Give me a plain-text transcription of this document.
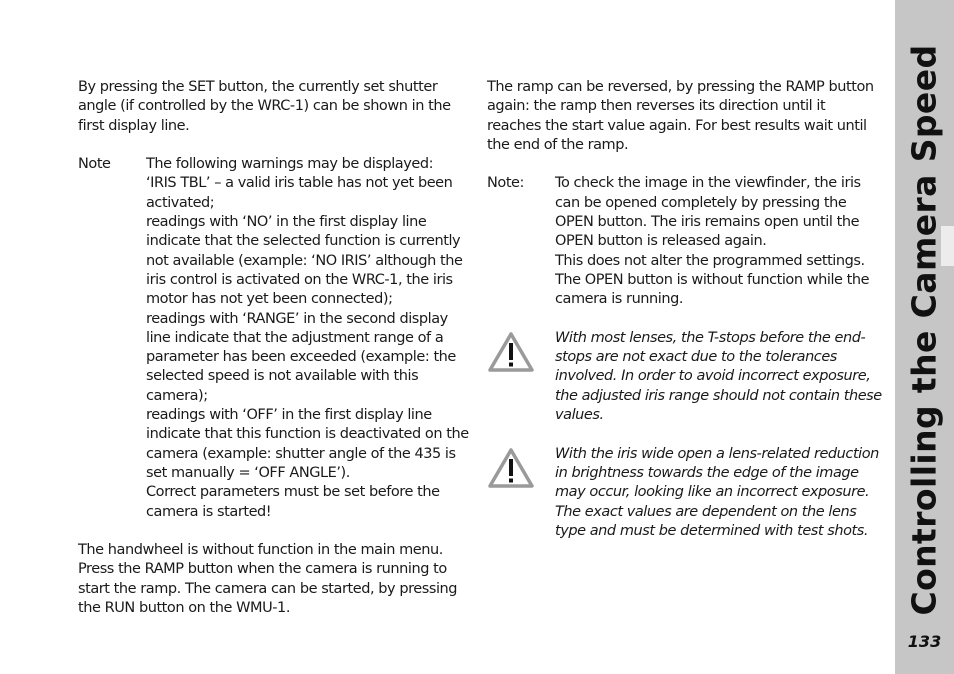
By pressing the SET button, the currently set shutter angle (if controlled by the WRC-1) can be shown in the first display line.

Note	The following warnings may be displayed:

‘IRIS TBL’ – a valid iris table has not yet been activated;

readings with ‘NO’ in the first display line indicate that the selected function is currently not available (example: ‘NO IRIS’ although the iris control is activated on the WRC-1, the iris motor has not yet been connected);

readings with ‘RANGE’ in the second display line indicate that the adjustment range of a parameter has been exceeded (example: the selected speed is not available with this camera);

readings with ‘OFF’ in the first display line indicate that this function is deactivated on the camera (example: shutter angle of the 435 is set manually = ‘OFF ANGLE’).

Correct parameters must be set before the camera is started!

The handwheel is without function in the main menu. Press the RAMP button when the camera is running to start the ramp. The camera can be started, by pressing the RUN button on the WMU-1.

The ramp can be reversed, by pressing the RAMP button again: the ramp then reverses its direction until it reaches the start value again. For best results wait until the end of the ramp.

Note:	To check the image in the viewfinder, the iris can be opened completely by pressing the OPEN button. The iris remains open until the OPEN button is released again.

This does not alter the programmed settings.

The OPEN button is without function while the camera is running.

With most lenses, the T-stops before the end-stops are not exact due to the tolerances involved. In order to avoid incorrect exposure, the adjusted iris range should not contain these values.
With the iris wide open a lens-related reduction in brightness towards the edge of the image may occur, looking like an incorrect exposure. The exact values are dependent on the lens type and must be determined with test shots.	Controlling the Camera Speed
133
